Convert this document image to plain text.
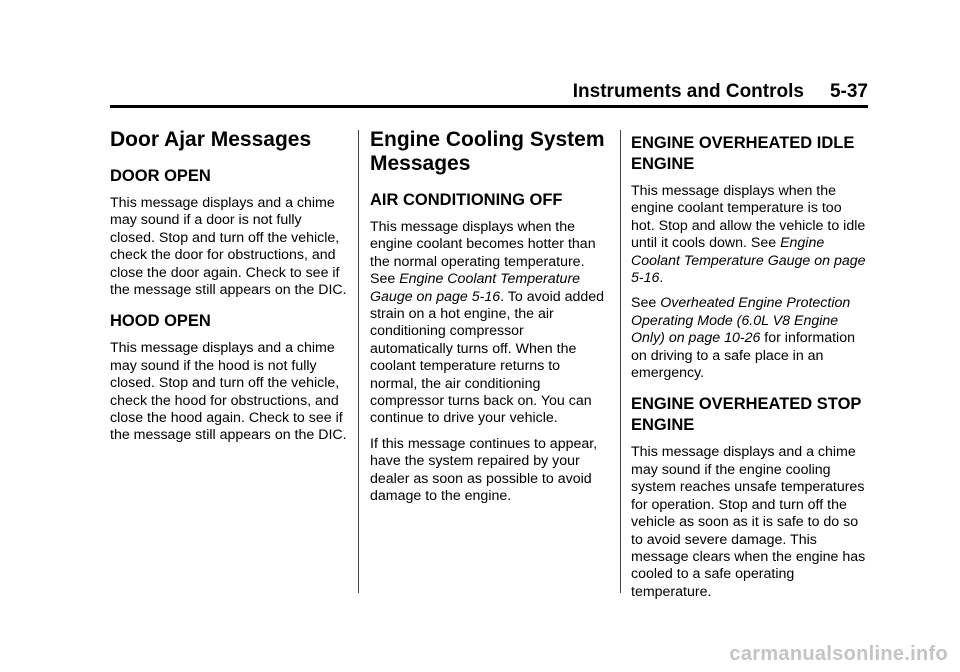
Instruments and Controls 5-37
Door Ajar Messages
DOOR OPEN

This message displays and a chime may sound if a door is not fully closed. Stop and turn off the vehicle, check the door for obstructions, and close the door again. Check to see if the message still appears on the DIC.

HOOD OPEN

This message displays and a chime may sound if the hood is not fully closed. Stop and turn off the vehicle, check the hood for obstructions, and close the hood again. Check to see if the message still appears on the DIC.

Engine Cooling System Messages
AIR CONDITIONING OFF

This message displays when the engine coolant becomes hotter than the normal operating temperature. See Engine Coolant Temperature Gauge on page 5-16. To avoid added strain on a hot engine, the air conditioning compressor automatically turns off. When the coolant temperature returns to normal, the air conditioning compressor turns back on. You can continue to drive your vehicle.

If this message continues to appear, have the system repaired by your dealer as soon as possible to avoid damage to the engine.

ENGINE OVERHEATED IDLE ENGINE

This message displays when the engine coolant temperature is too hot. Stop and allow the vehicle to idle until it cools down. See Engine Coolant Temperature Gauge on page 5-16.

See Overheated Engine Protection Operating Mode (6.0L V8 Engine Only) on page 10-26 for information on driving to a safe place in an emergency.

ENGINE OVERHEATED STOP ENGINE

This message displays and a chime may sound if the engine cooling system reaches unsafe temperatures for operation. Stop and turn off the vehicle as soon as it is safe to do so to avoid severe damage. This message clears when the engine has cooled to a safe operating temperature.

carmanualsonline.info
